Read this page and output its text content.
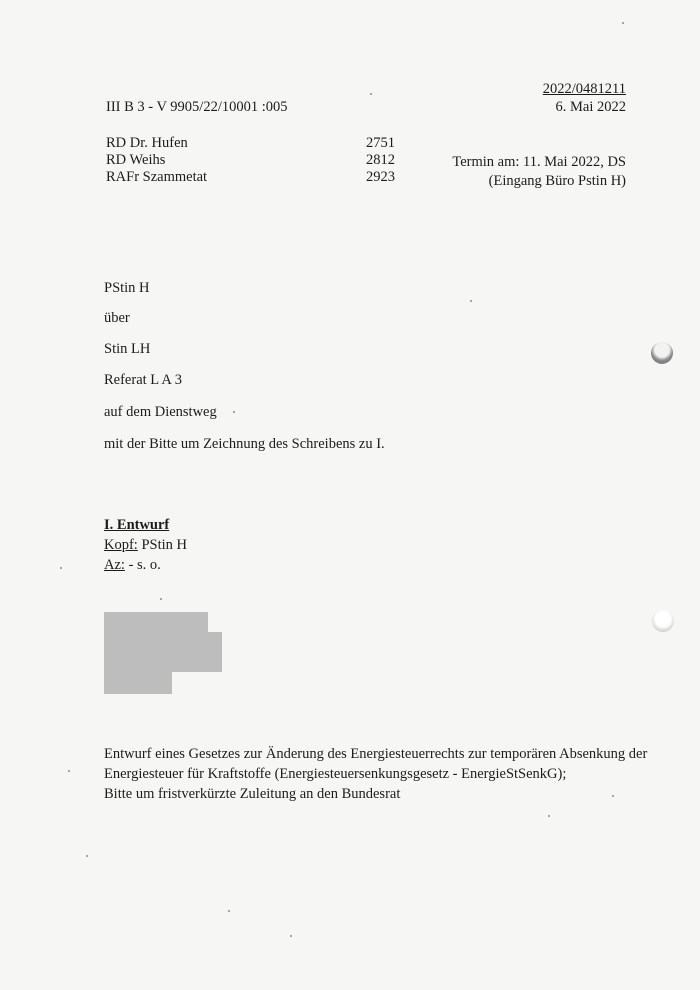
2022/0481211

6. Mai 2022

III B 3 - V 9905/22/10001 :005

RD Dr. Hufen	2751

RD Weihs	2812

RAFr Szammetat	2923

Termin am: 11. Mai 2022, DS

(Eingang Büro Pstin H)

PStin H

über

Stin LH

Referat L A 3

auf dem Dienstweg

mit der Bitte um Zeichnung des Schreibens zu I.

I. Entwurf

Kopf: PStin H

Az: - s. o.

Entwurf eines Gesetzes zur Änderung des Energiesteuerrechts zur temporären Absenkung der

Energiesteuer für Kraftstoffe (Energiesteuersenkungsgesetz - EnergieStSenkG);

Bitte um fristverkürzte Zuleitung an den Bundesrat
